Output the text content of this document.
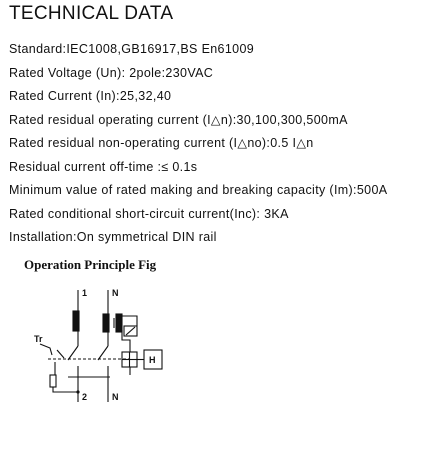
TECHNICAL DATA
Standard:IEC1008,GB16917,BS En61009
Rated Voltage (Un): 2pole:230VAC
Rated Current (In):25,32,40
Rated residual operating current (I△n):30,100,300,500mA
Rated residual non-operating current (I△no):0.5 I△n
Residual current off-time :≤ 0.1s
Minimum value of rated making and breaking capacity (Im):500A
Rated conditional short-circuit current(Inc): 3KA
Installation:On symmetrical DIN rail
Operation Principle Fig
1	N
2	N
Tr
H
